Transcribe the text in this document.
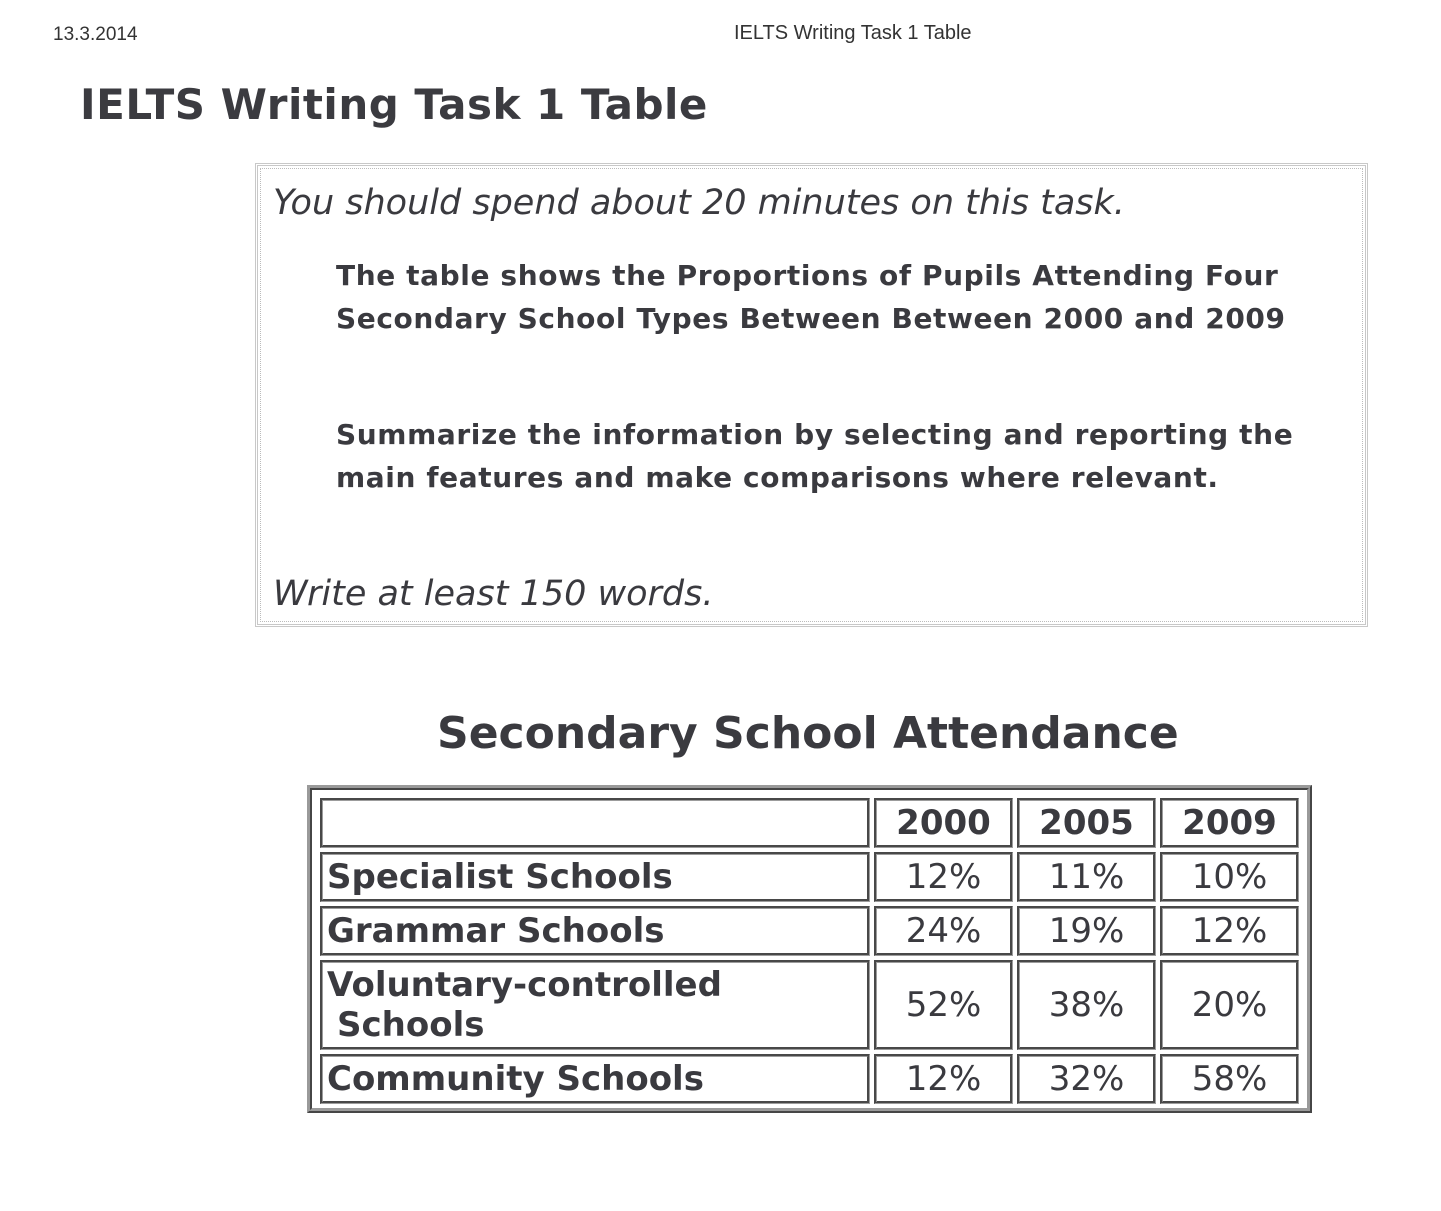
13.3.2014	IELTS Writing Task 1 Table
IELTS Writing Task 1 Table

You should spend about 20 minutes on this task.

The table shows the Proportions of Pupils Attending Four Secondary School Types Between Between 2000 and 2009

Summarize the information by selecting and reporting the main features and make comparisons where relevant.

Write at least 150 words.

Secondary School Attendance
	2000	2005	2009
Specialist Schools	12%	11%	10%
Grammar Schools	24%	19%	12%

Voluntary-controlled
Schools	52%	38%	20%
Community Schools	12%	32%	58%
